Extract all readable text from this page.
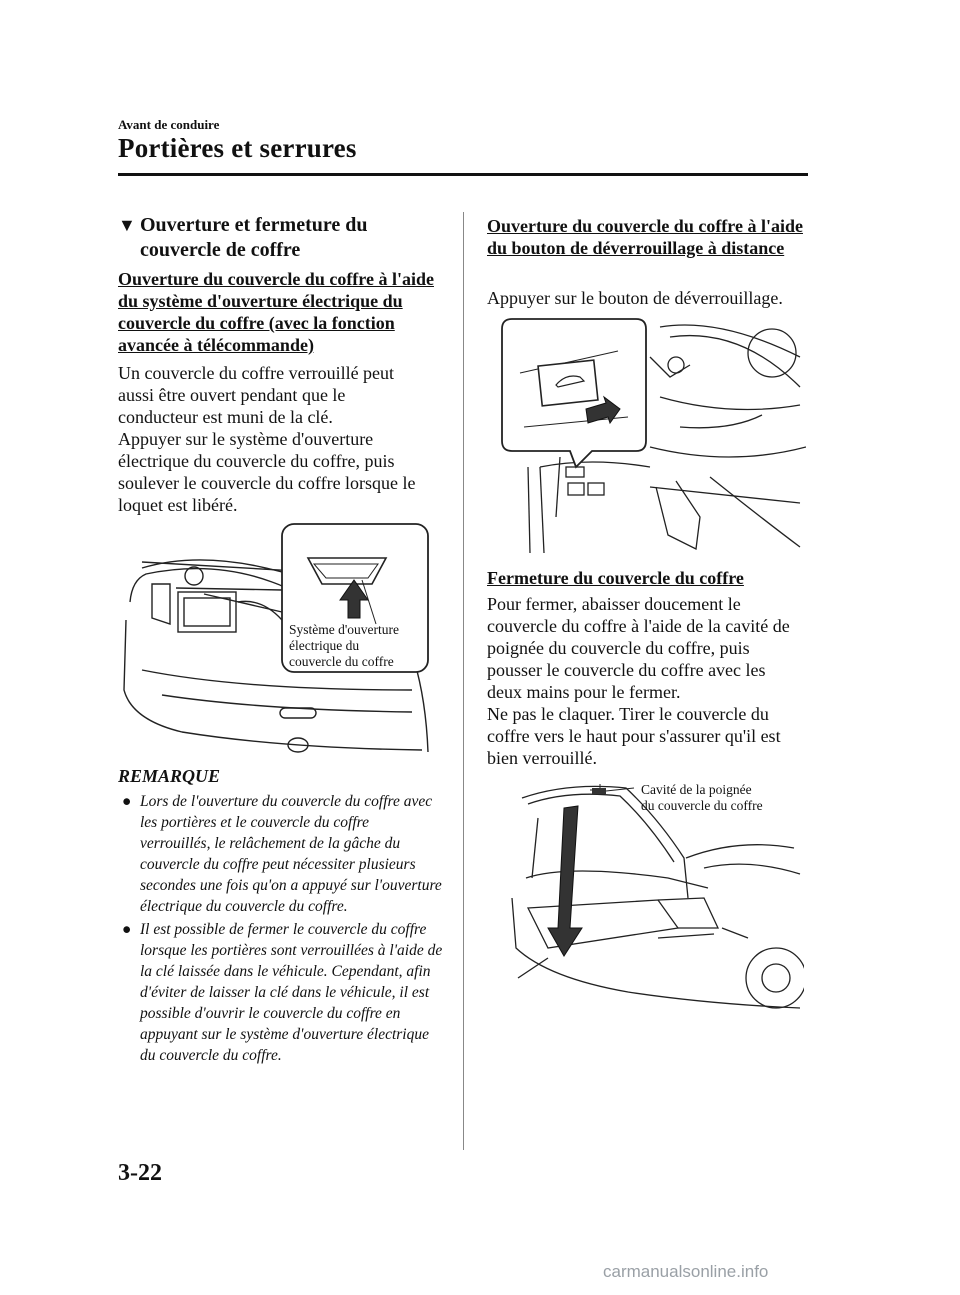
Avant de conduire
Portières et serrures
▼ Ouverture et fermeture du couvercle de coffre
Ouverture du couvercle du coffre à l'aide du système d'ouverture électrique du couvercle du coffre (avec la fonction avancée à télécommande)
Un couvercle du coffre verrouillé peut
aussi être ouvert pendant que le
conducteur est muni de la clé.
Appuyer sur le système d'ouverture
électrique du couvercle du coffre, puis
soulever le couvercle du coffre lorsque le
loquet est libéré.
Système d'ouverture
électrique du
couvercle du coffre
REMARQUE
● Lors de l'ouverture du couvercle du coffre avec les portières et le couvercle du coffre verrouillés, le relâchement de la gâche du couvercle du coffre peut nécessiter plusieurs secondes une fois qu'on a appuyé sur l'ouverture électrique du couvercle du coffre.
● Il est possible de fermer le couvercle du coffre lorsque les portières sont verrouillées à l'aide de la clé laissée dans le véhicule. Cependant, afin d'éviter de laisser la clé dans le véhicule, il est possible d'ouvrir le couvercle du coffre en appuyant sur le système d'ouverture électrique du couvercle du coffre.
Ouverture du couvercle du coffre à l'aide du bouton de déverrouillage à distance
Appuyer sur le bouton de déverrouillage.
Fermeture du couvercle du coffre
Pour fermer, abaisser doucement le
couvercle du coffre à l'aide de la cavité de
poignée du couvercle du coffre, puis
pousser le couvercle du coffre avec les
deux mains pour le fermer.
Ne pas le claquer. Tirer le couvercle du
coffre vers le haut pour s'assurer qu'il est
bien verrouillé.
Cavité de la poignée
du couvercle du coffre
3-22
carmanualsonline.info
